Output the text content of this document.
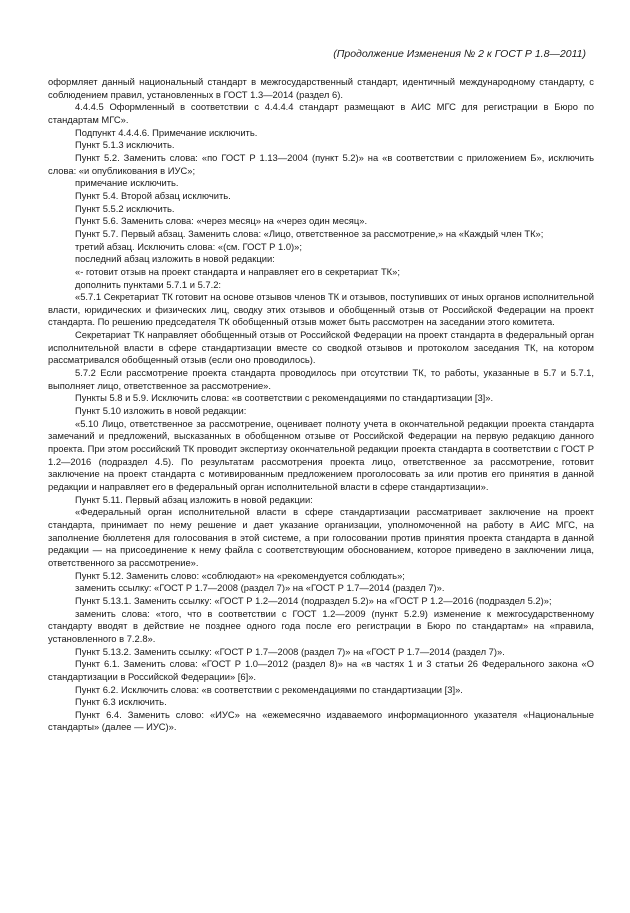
(Продолжение Изменения № 2 к ГОСТ Р 1.8—2011)

оформляет данный национальный стандарт в межгосударственный стандарт, идентичный международному стандарту, с соблюдением правил, установленных в ГОСТ 1.3—2014 (раздел 6).

4.4.4.5 Оформленный в соответствии с 4.4.4.4 стандарт размещают в АИС МГС для регистрации в Бюро по стандартам МГС».

Подпункт 4.4.4.6. Примечание исключить.

Пункт 5.1.3 исключить.

Пункт 5.2. Заменить слова: «по ГОСТ Р 1.13—2004 (пункт 5.2)» на «в соответствии с приложением Б», исключить слова: «и опубликования в ИУС»;

примечание исключить.

Пункт 5.4. Второй абзац исключить.

Пункт 5.5.2 исключить.

Пункт 5.6. Заменить слова: «через месяц» на «через один месяц».

Пункт 5.7. Первый абзац. Заменить слова: «Лицо, ответственное за рассмотрение,» на «Каждый член ТК»;

третий абзац. Исключить слова: «(см. ГОСТ Р 1.0)»;

последний абзац изложить в новой редакции:

«- готовит отзыв на проект стандарта и направляет его в секретариат ТК»;

дополнить пунктами 5.7.1 и 5.7.2:

«5.7.1 Секретариат ТК готовит на основе отзывов членов ТК и отзывов, поступивших от иных органов исполнительной власти, юридических и физических лиц, сводку этих отзывов и обобщенный отзыв от Российской Федерации на проект стандарта. По решению председателя ТК обобщенный отзыв может быть рассмотрен на заседании этого комитета.

Секретариат ТК направляет обобщенный отзыв от Российской Федерации на проект стандарта в федеральный орган исполнительной власти в сфере стандартизации вместе со сводкой отзывов и протоколом заседания ТК, на котором рассматривался обобщенный отзыв (если оно проводилось).

5.7.2 Если рассмотрение проекта стандарта проводилось при отсутствии ТК, то работы, указанные в 5.7 и 5.7.1, выполняет лицо, ответственное за рассмотрение».

Пункты 5.8 и 5.9. Исключить слова: «в соответствии с рекомендациями по стандартизации [3]».

Пункт 5.10 изложить в новой редакции:

«5.10 Лицо, ответственное за рассмотрение, оценивает полноту учета в окончательной редакции проекта стандарта замечаний и предложений, высказанных в обобщенном отзыве от Российской Федерации на первую редакцию данного проекта. При этом российский ТК проводит экспертизу окончательной редакции проекта стандарта в соответствии с ГОСТ Р 1.2—2016 (подраздел 4.5). По результатам рассмотрения проекта лицо, ответственное за рассмотрение, готовит заключение на проект стандарта с мотивированным предложением проголосовать за или против его принятия в данной редакции и направляет его в федеральный орган исполнительной власти в сфере стандартизации».

Пункт 5.11. Первый абзац изложить в новой редакции:

«Федеральный орган исполнительной власти в сфере стандартизации рассматривает заключение на проект стандарта, принимает по нему решение и дает указание организации, уполномоченной на работу в АИС МГС, на заполнение бюллетеня для голосования в этой системе, а при голосовании против принятия проекта стандарта в данной редакции — на присоединение к нему файла с соответствующим обоснованием, которое приведено в заключении лица, ответственного за рассмотрение».

Пункт 5.12. Заменить слово: «соблюдают» на «рекомендуется соблюдать»;

заменить ссылку: «ГОСТ Р 1.7—2008 (раздел 7)» на «ГОСТ Р 1.7—2014 (раздел 7)».

Пункт 5.13.1. Заменить ссылку: «ГОСТ Р 1.2—2014 (подраздел 5.2)» на «ГОСТ Р 1.2—2016 (подраздел 5.2)»;

заменить слова: «того, что в соответствии с ГОСТ 1.2—2009 (пункт 5.2.9) изменение к межгосударственному стандарту вводят в действие не позднее одного года после его регистрации в Бюро по стандартам» на «правила, установленного в 7.2.8».

Пункт 5.13.2. Заменить ссылку: «ГОСТ Р 1.7—2008 (раздел 7)» на «ГОСТ Р 1.7—2014 (раздел 7)».

Пункт 6.1. Заменить слова: «ГОСТ Р 1.0—2012 (раздел 8)» на «в частях 1 и 3 статьи 26 Федерального закона «О стандартизации в Российской Федерации» [6]».

Пункт 6.2. Исключить слова: «в соответствии с рекомендациями по стандартизации [3]».

Пункт 6.3 исключить.

Пункт 6.4. Заменить слово: «ИУС» на «ежемесячно издаваемого информационного указателя «Национальные стандарты» (далее — ИУС)».
